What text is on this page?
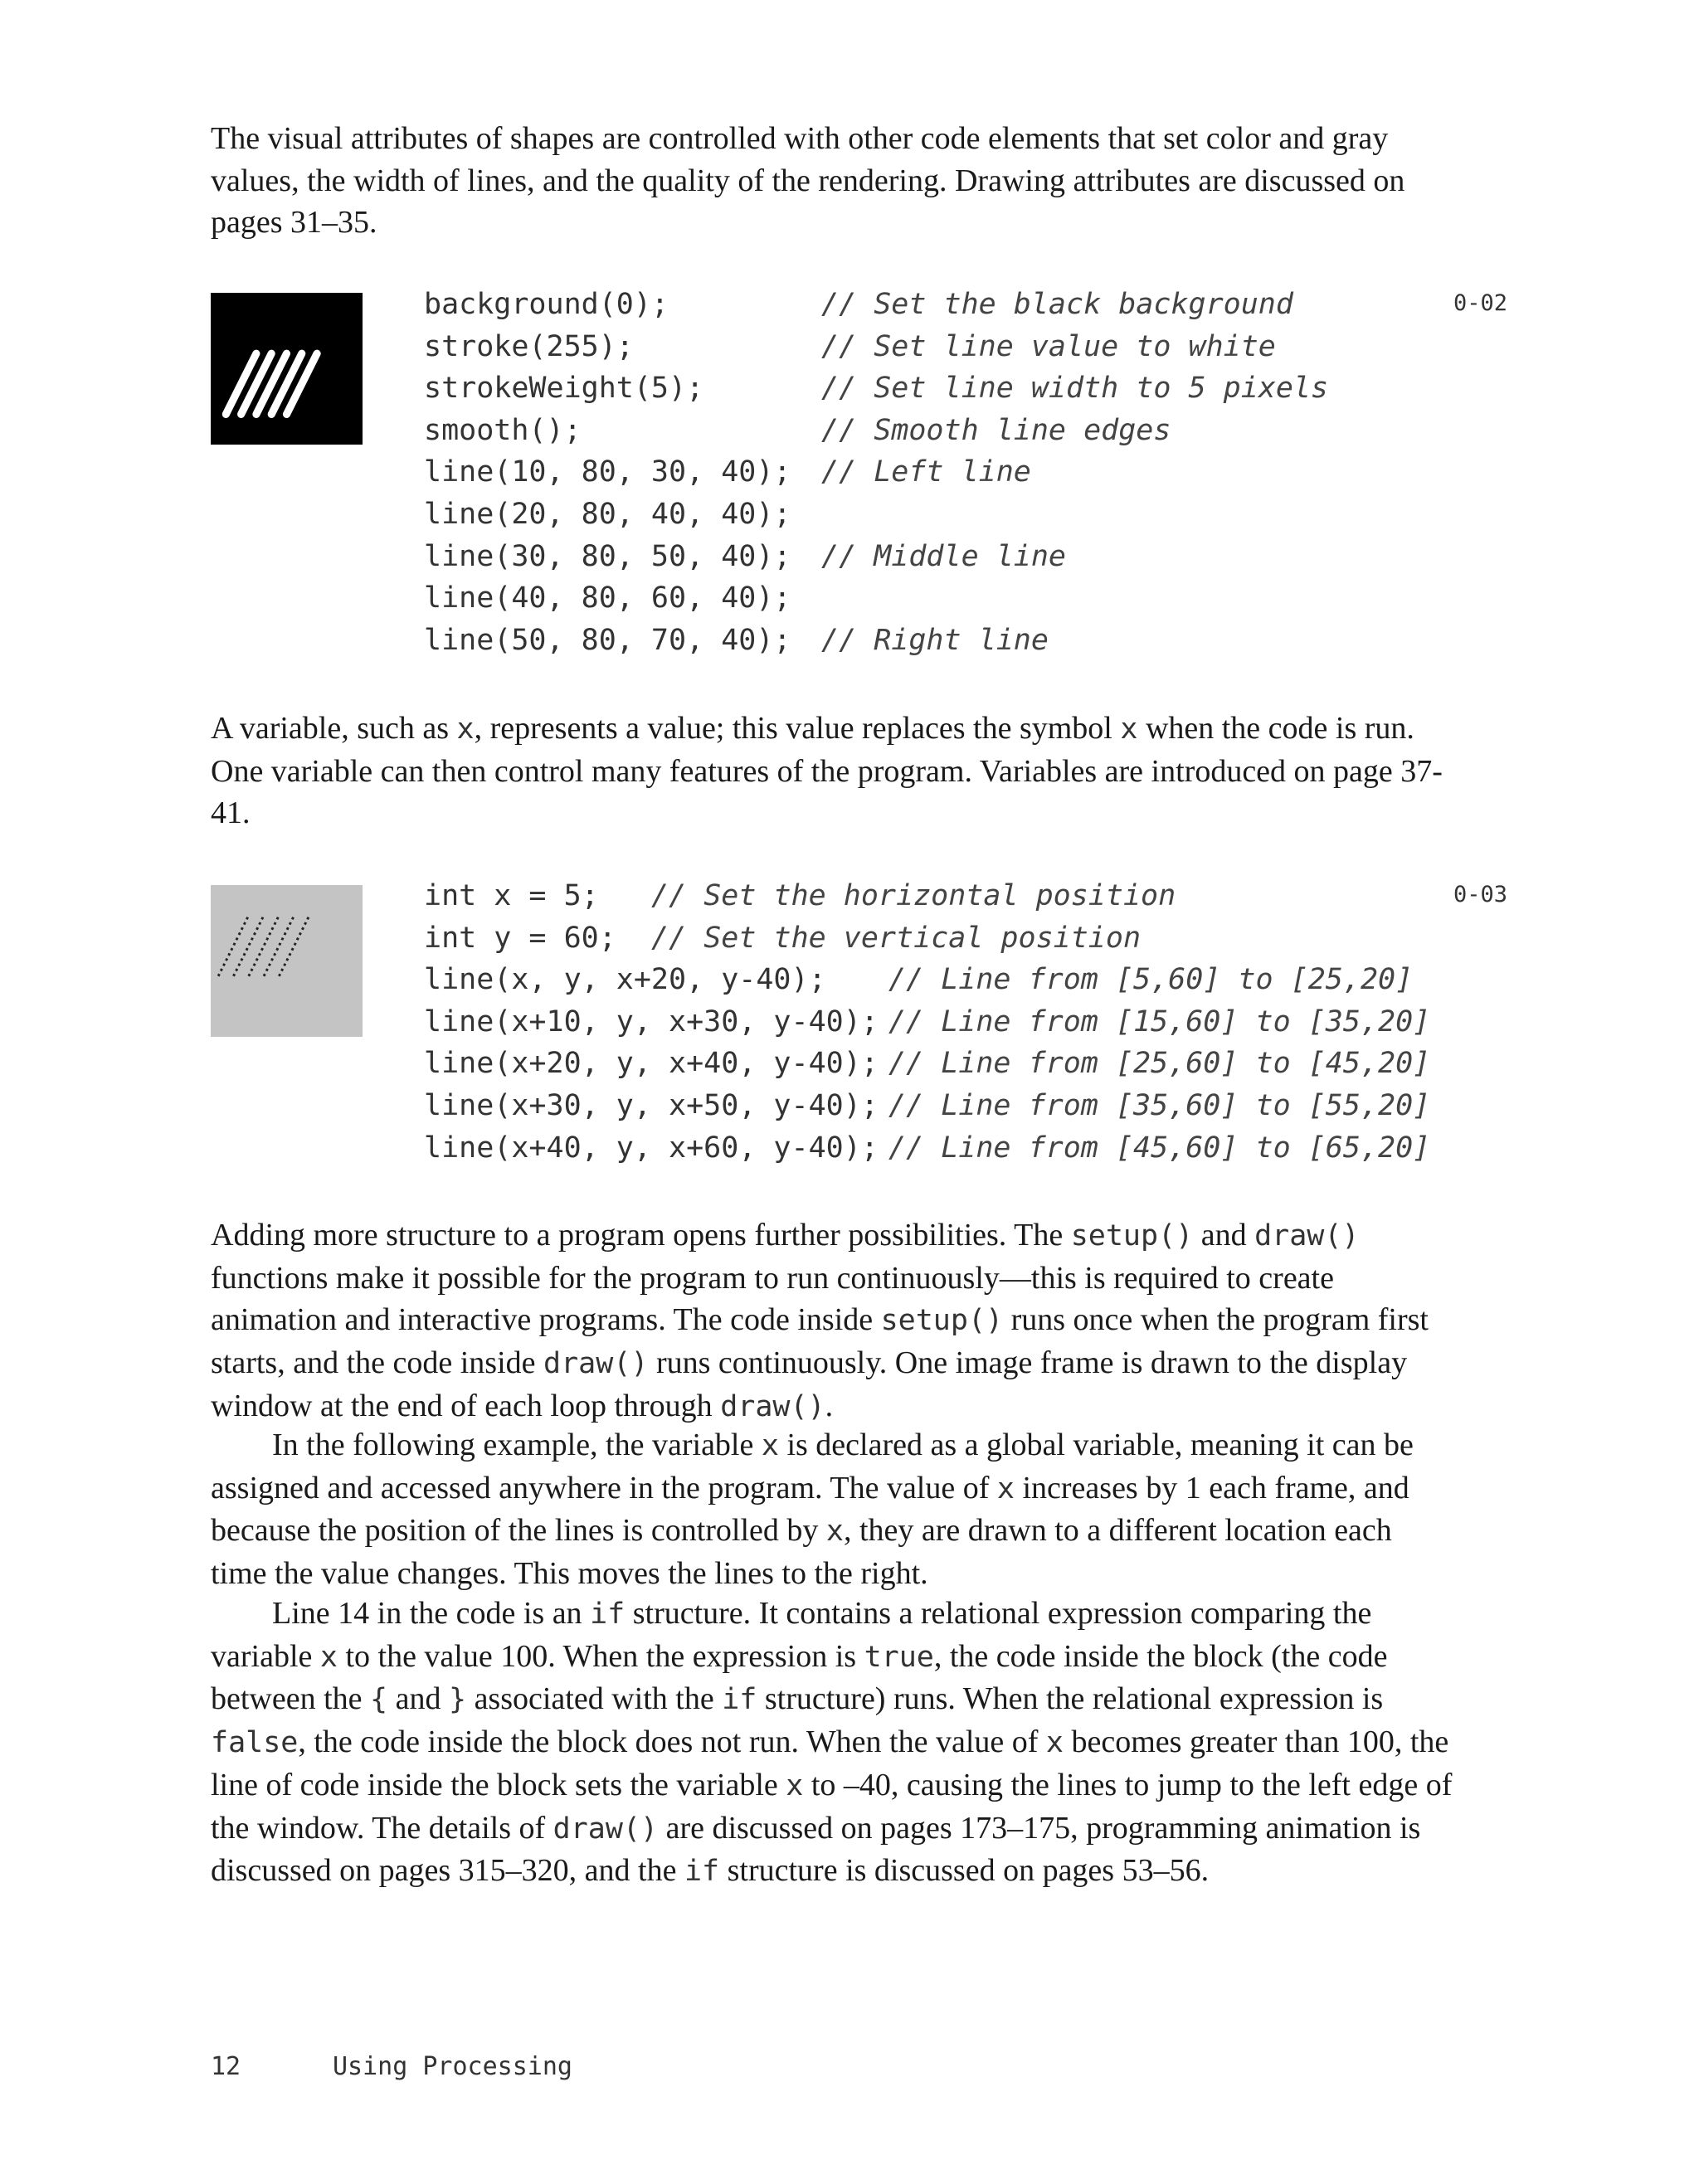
The visual attributes of shapes are controlled with other code elements that set color and gray values, the width of lines, and the quality of the rendering. Drawing attributes are discussed on pages 31–35.

background(0);	// Set the black background
stroke(255);	// Set line value to white
strokeWeight(5);	// Set line width to 5 pixels
smooth();	// Smooth line edges
line(10, 80, 30, 40); // Left line
line(20, 80, 40, 40);
line(30, 80, 50, 40); // Middle line
line(40, 80, 60, 40);
line(50, 80, 70, 40); // Right line
0-02

A variable, such as x, represents a value; this value replaces the symbol x when the code is run. One variable can then control many features of the program. Variables are introduced on page 37-41.

int x = 5; // Set the horizontal position
int y = 60; // Set the vertical position
line(x, y, x+20, y-40); // Line from [5,60] to [25,20]
line(x+10, y, x+30, y-40); // Line from [15,60] to [35,20]
line(x+20, y, x+40, y-40); // Line from [25,60] to [45,20]
line(x+30, y, x+50, y-40); // Line from [35,60] to [55,20]
line(x+40, y, x+60, y-40); // Line from [45,60] to [65,20]
0-03

Adding more structure to a program opens further possibilities. The setup() and draw() functions make it possible for the program to run continuously—this is required to create animation and interactive programs. The code inside setup() runs once when the program first starts, and the code inside draw() runs continuously. One image frame is drawn to the display window at the end of each loop through draw().

In the following example, the variable x is declared as a global variable, meaning it can be assigned and accessed anywhere in the program. The value of x increases by 1 each frame, and because the position of the lines is controlled by x, they are drawn to a different location each time the value changes. This moves the lines to the right.

Line 14 in the code is an if structure. It contains a relational expression comparing the variable x to the value 100. When the expression is true, the code inside the block (the code between the { and } associated with the if structure) runs. When the relational expression is false, the code inside the block does not run. When the value of x becomes greater than 100, the line of code inside the block sets the variable x to –40, causing the lines to jump to the left edge of the window. The details of draw() are discussed on pages 173–175, programming animation is discussed on pages 315–320, and the if structure is discussed on pages 53–56.

12	Using Processing
